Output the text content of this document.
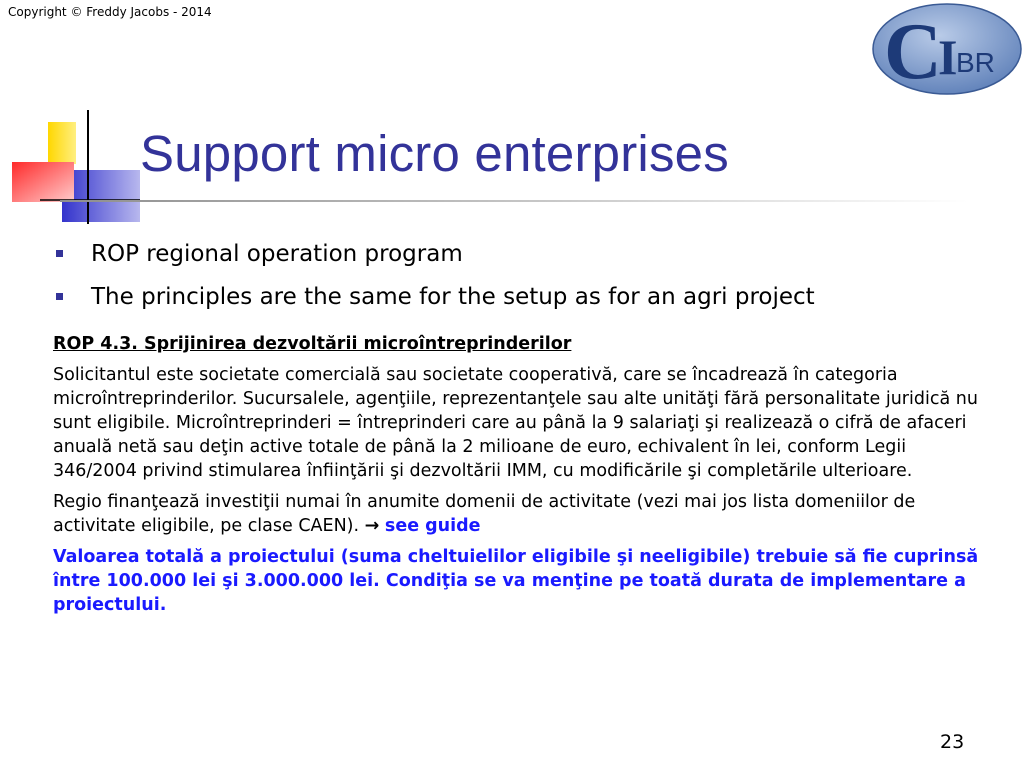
Copyright © Freddy Jacobs - 2014	C
I
BR
Support micro enterprises
ROP regional operation program
The principles are the same for the setup as for an agri project

ROP 4.3. Sprijinirea dezvoltării microîntreprinderilor

Solicitantul este societate comercială sau societate cooperativă, care se încadrează în categoria microîntreprinderilor. Sucursalele, agenţiile, reprezentanţele sau alte unităţi fără personalitate juridică nu sunt eligibile. Microîntreprinderi = întreprinderi care au până la 9 salariaţi şi realizează o cifră de afaceri anuală netă sau deţin active totale de până la 2 milioane de euro, echivalent în lei, conform Legii 346/2004 privind stimularea înfiinţării şi dezvoltării IMM, cu modificările şi completările ulterioare.

Regio finanţează investiţii numai în anumite domenii de activitate (vezi mai jos lista domeniilor de activitate eligibile, pe clase CAEN). → see guide

Valoarea totală a proiectului (suma cheltuielilor eligibile şi neeligibile) trebuie să fie cuprinsă între 100.000 lei şi 3.000.000 lei. Condiţia se va menţine pe toată durata de implementare a proiectului.

23
